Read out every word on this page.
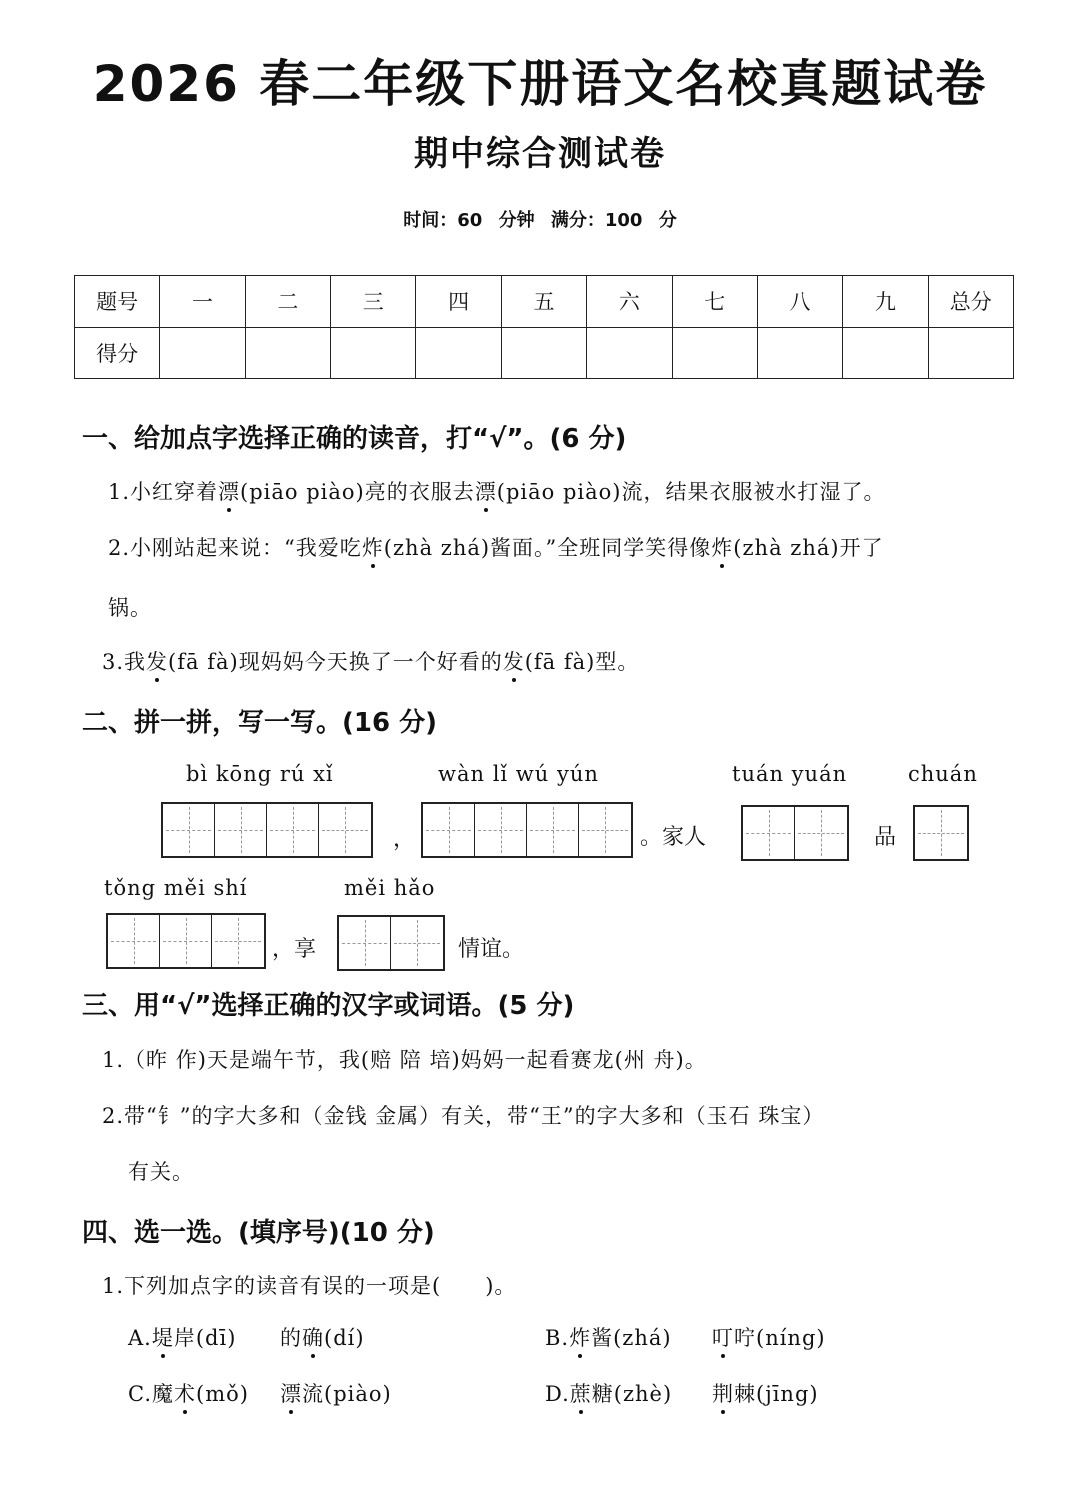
2026 春二年级下册语文名校真题试卷
期中综合测试卷
时间：60 分钟 满分：100 分
题号	一	二	三	四	五	六	七	八	九	总分
得分										
一、给加点字选择正确的读音，打“√”。(6 分)
1.小红穿着漂(piāo piào)亮的衣服去漂(piāo piào)流，结果衣服被水打湿了。
2.小刚站起来说：“我爱吃炸(zhà zhá)酱面。”全班同学笑得像炸(zhà zhá)开了
锅。
3.我发(fā fà)现妈妈今天换了一个好看的发(fā fà)型。
二、拼一拼，写一写。(16 分)
bì kōng rú xǐ	wàn lǐ wú yún	tuán yuán	chuán
，	。家人	品
tǒng měi shí	měi hǎo
，享	情谊。
三、用“√”选择正确的汉字或词语。(5 分)
1.（昨 作)天是端午节，我(赔 陪 培)妈妈一起看赛龙(州 舟)。
2.带“钅”的字大多和（金钱 金属）有关，带“王”的字大多和（玉石 珠宝）
有关。
四、选一选。(填序号)(10 分)
1.下列加点字的读音有误的一项是(　　)。
A.堤岸(dī) 的确(dí)	B.炸酱(zhá) 叮咛(níng)
C.魔术(mǒ) 漂流(piào)	D.蔗糖(zhè) 荆棘(jīng)
